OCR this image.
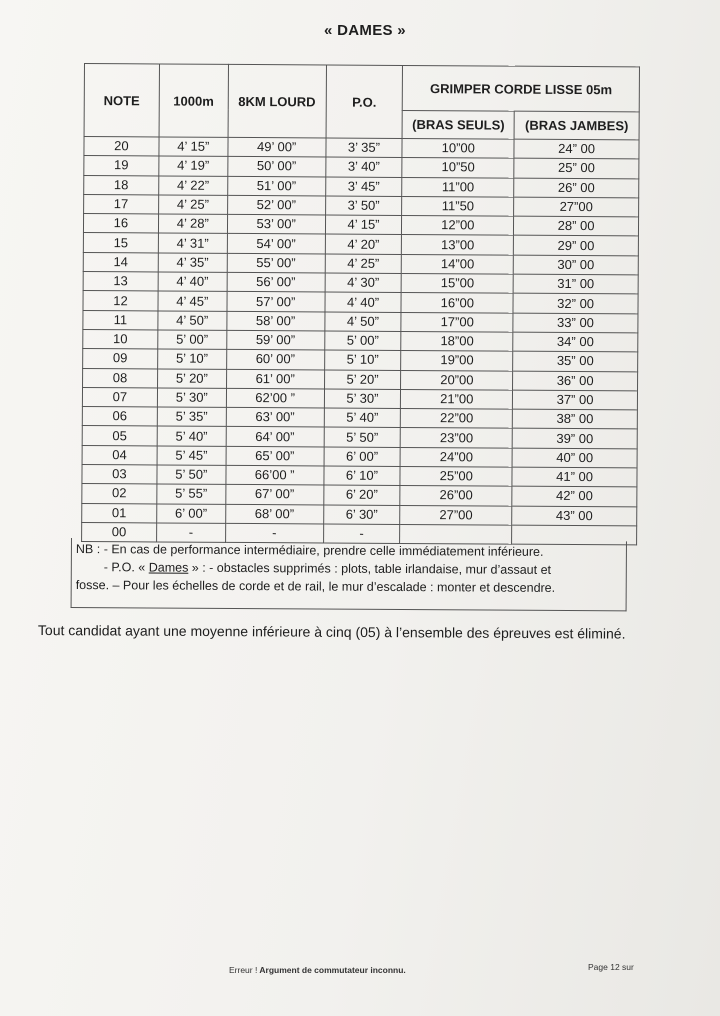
« DAMES »
NOTE	1000m	8KM LOURD	P.O.	GRIMPER CORDE LISSE 05m	
				(BRAS SEULS)	(BRAS JAMBES)
20	4’ 15”	49’ 00”	3’ 35”	10”00	24” 00
19	4’ 19”	50’ 00”	3’ 40”	10”50	25” 00
18	4’ 22”	51’ 00”	3’ 45”	11”00	26” 00
17	4’ 25”	52’ 00”	3’ 50”	11”50	27”00
16	4’ 28”	53’ 00”	4’ 15”	12”00	28” 00
15	4’ 31”	54’ 00”	4’ 20”	13”00	29” 00
14	4’ 35”	55’ 00”	4’ 25”	14”00	30” 00
13	4’ 40”	56’ 00”	4’ 30”	15”00	31” 00
12	4’ 45”	57’ 00”	4’ 40”	16”00	32” 00
11	4’ 50”	58’ 00”	4’ 50”	17”00	33” 00
10	5’ 00”	59’ 00”	5’ 00”	18”00	34” 00
09	5’ 10”	60’ 00”	5’ 10”	19”00	35” 00
08	5’ 20”	61’ 00”	5’ 20”	20”00	36” 00
07	5’ 30”	62’00 ”	5’ 30”	21”00	37” 00
06	5’ 35”	63’ 00”	5’ 40”	22”00	38” 00
05	5’ 40”	64’ 00”	5’ 50”	23”00	39” 00
04	5’ 45”	65’ 00”	6’ 00”	24”00	40” 00
03	5’ 50”	66’00 ”	6’ 10”	25”00	41” 00
02	5’ 55”	67’ 00”	6’ 20”	26”00	42” 00
01	6’ 00”	68’ 00”	6’ 30”	27”00	43” 00
00	-	-	-		
NB : - En cas de performance intermédiaire, prendre celle immédiatement inférieure.
- P.O. « Dames » : - obstacles supprimés : plots, table irlandaise, mur d’assaut et
fosse. – Pour les échelles de corde et de rail, le mur d’escalade : monter et descendre.
Tout candidat ayant une moyenne inférieure à cinq (05) à l’ensemble des épreuves est éliminé.
Erreur ! Argument de commutateur inconnu.	Page 12 sur
